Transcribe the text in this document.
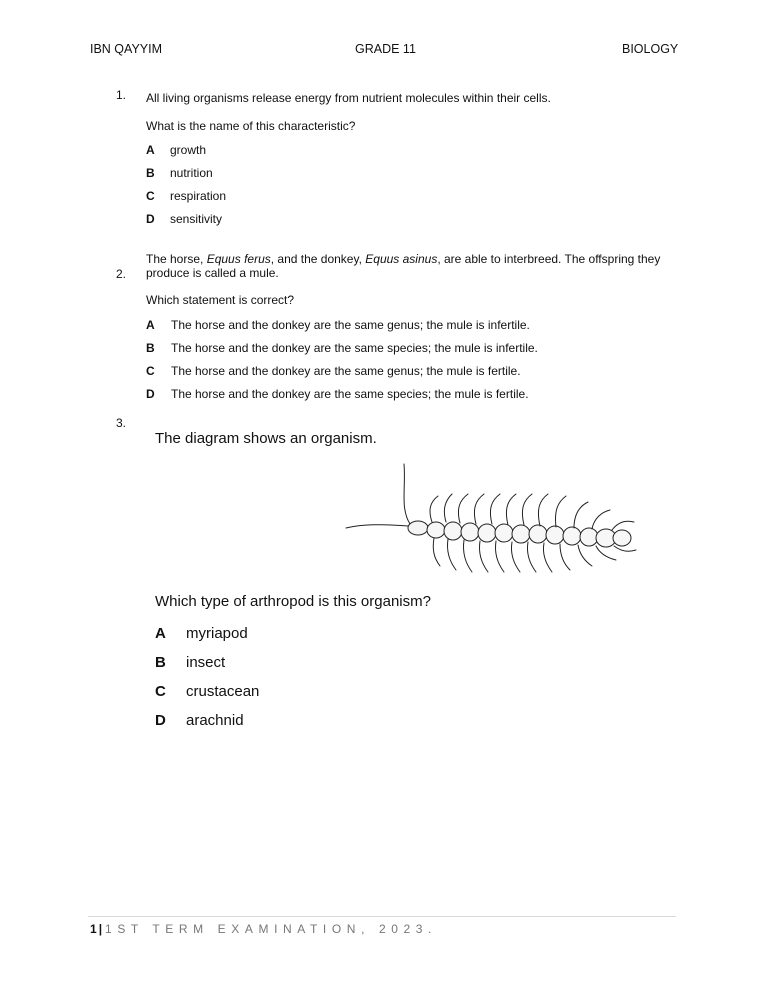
IBN QAYYIM	GRADE 11	BIOLOGY
1. All living organisms release energy from nutrient molecules within their cells.
What is the name of this characteristic?
A growth
B nutrition
C respiration
D sensitivity
The horse, Equus ferus, and the donkey, Equus asinus, are able to interbreed. The offspring they
2. produce is called a mule.
Which statement is correct?
A The horse and the donkey are the same genus; the mule is infertile.
B The horse and the donkey are the same species; the mule is infertile.
C The horse and the donkey are the same genus; the mule is fertile.
D The horse and the donkey are the same species; the mule is fertile.
3.
The diagram shows an organism.
Which type of arthropod is this organism?
A myriapod
B insect
C crustacean
D arachnid
1 | 1ST TERM EXAMINATION, 2023.
